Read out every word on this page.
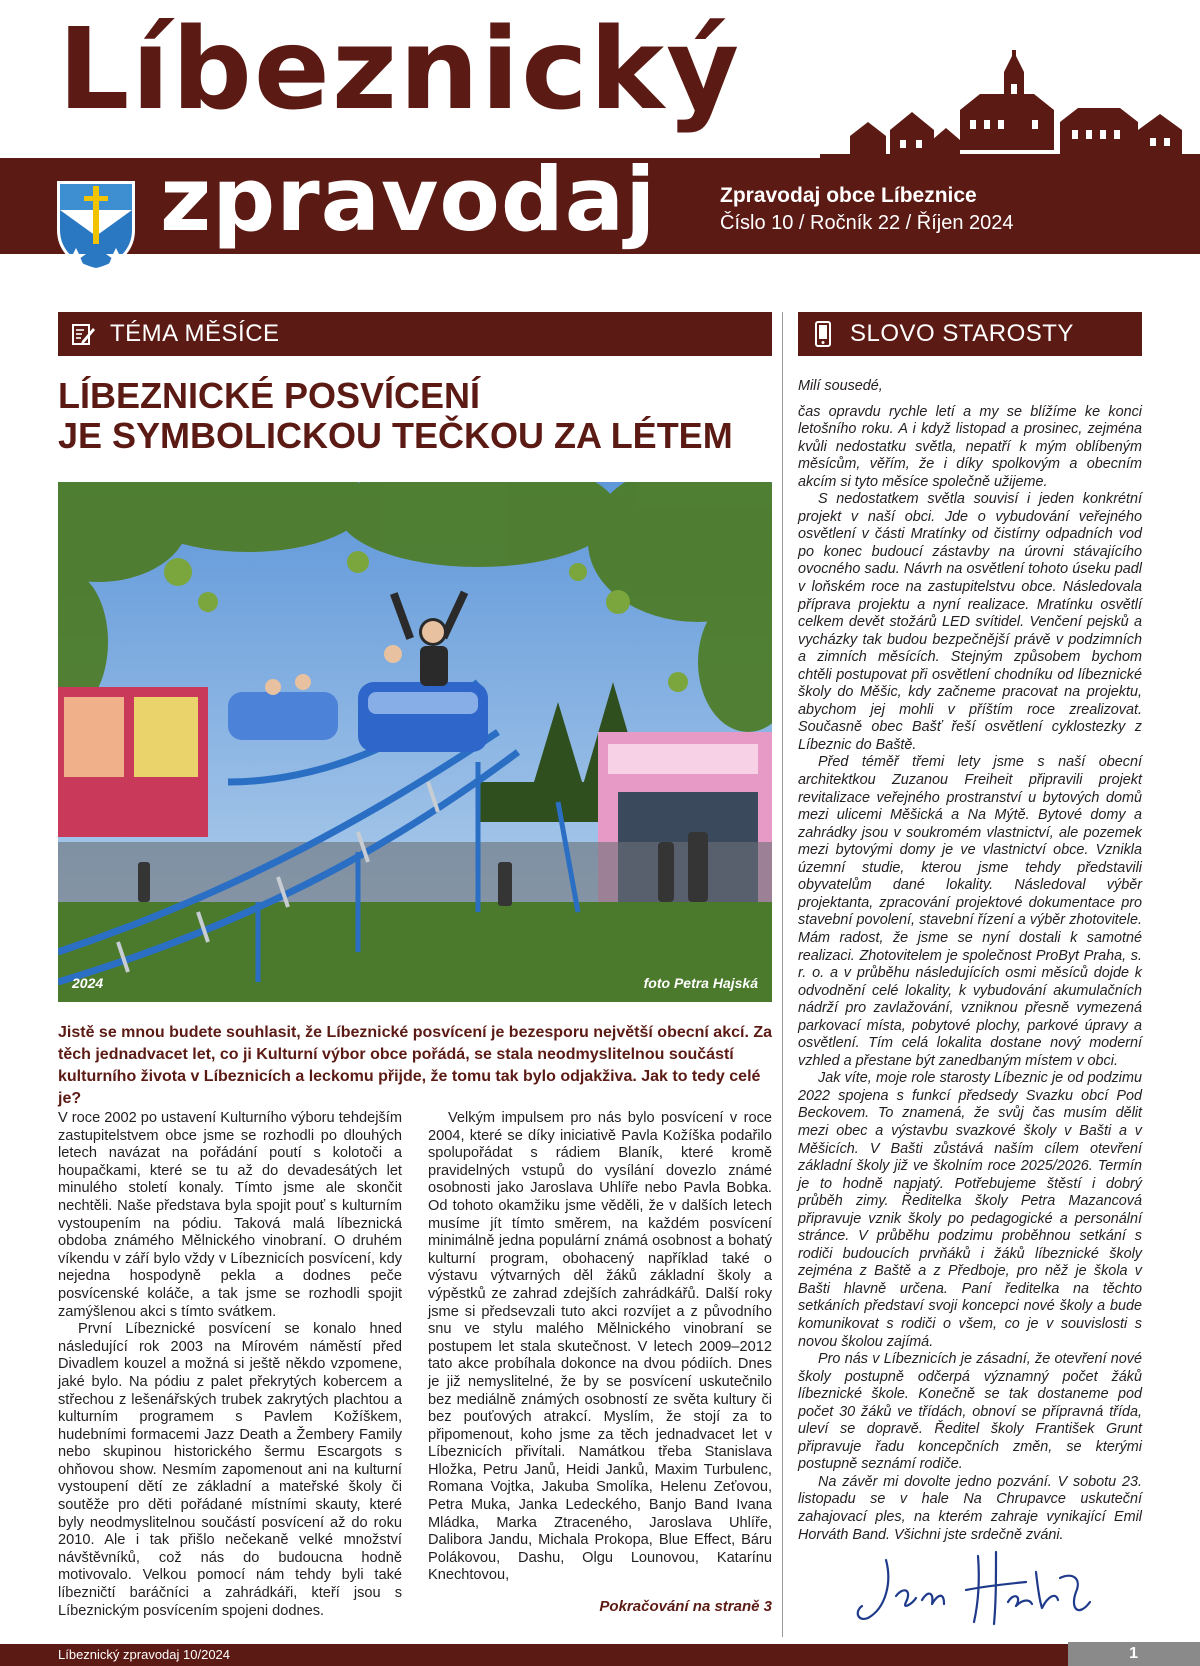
Líbeznický
zpravodaj	Zpravodaj obce Líbeznice
Číslo 10 / Ročník 22 / Říjen 2024
TÉMA MĚSÍCE	SLOVO STAROSTY
LÍBEZNICKÉ POSVÍCENÍ
JE SYMBOLICKOU TEČKOU ZA LÉTEM
2024	foto Petra Hajská
Jistě se mnou budete souhlasit, že Líbeznické posvícení je bezesporu největší obecní akcí. Za těch jednadvacet let, co ji Kulturní výbor obce pořádá, se stala neodmyslitelnou součástí kulturního života v Líbeznicích a leckomu přijde, že tomu tak bylo odjakživa. Jak to tedy celé je?

V roce 2002 po ustavení Kulturního výboru tehdejším zastupitelstvem obce jsme se rozhodli po dlouhých letech navázat na pořádání poutí s kolotoči a houpačkami, které se tu až do devadesátých let minulého století konaly. Tímto jsme ale skončit nechtěli. Naše představa byla spojit pouť s kulturním vystoupením na pódiu. Taková malá líbeznická obdoba známého Mělnického vinobraní. O druhém víkendu v září bylo vždy v Líbeznicích posvícení, kdy nejedna hospodyně pekla a dodnes peče posvícenské koláče, a tak jsme se rozhodli spojit zamýšlenou akci s tímto svátkem.

První Líbeznické posvícení se konalo hned následující rok 2003 na Mírovém náměstí před Divadlem kouzel a možná si ještě někdo vzpomene, jaké bylo. Na pódiu z palet překrytých kobercem a střechou z lešenářských trubek zakrytých plachtou a kulturním programem s Pavlem Kožíškem, hudebními formacemi Jazz Death a Žembery Family nebo skupinou historického šermu Escargots s ohňovou show. Nesmím zapomenout ani na kulturní vystoupení dětí ze základní a mateřské školy či soutěže pro děti pořádané místními skauty, které byly neodmyslitelnou součástí posvícení až do roku 2010. Ale i tak přišlo nečekaně velké množství návštěvníků, což nás do budoucna hodně motivovalo. Velkou pomocí nám tehdy byli také líbezničtí baráčníci a zahrádkáři, kteří jsou s Líbeznickým posvícením spojeni dodnes.

Velkým impulsem pro nás bylo posvícení v roce 2004, které se díky iniciativě Pavla Kožíška podařilo spolupořádat s rádiem Blaník, které kromě pravidelných vstupů do vysílání dovezlo známé osobnosti jako Jaroslava Uhlíře nebo Pavla Bobka. Od tohoto okamžiku jsme věděli, že v dalších letech musíme jít tímto směrem, na každém posvícení minimálně jedna populární známá osobnost a bohatý kulturní program, obohacený například také o výstavu výtvarných děl žáků základní školy a výpěstků ze zahrad zdejších zahrádkářů. Další roky jsme si předsevzali tuto akci rozvíjet a z původního snu ve stylu malého Mělnického vinobraní se postupem let stala skutečnost. V letech 2009–2012 tato akce probíhala dokonce na dvou pódiích. Dnes je již nemyslitelné, že by se posvícení uskutečnilo bez mediálně známých osobností ze světa kultury či bez pouťových atrakcí. Myslím, že stojí za to připomenout, koho jsme za těch jednadvacet let v Líbeznicích přivítali. Namátkou třeba Stanislava Hložka, Petru Janů, Heidi Janků, Maxim Turbulenc, Romana Vojtka, Jakuba Smolíka, Helenu Zeťovou, Petra Muka, Janka Ledeckého, Banjo Band Ivana Mládka, Marka Ztraceného, Jaroslava Uhlíře, Dalibora Jandu, Michala Prokopa, Blue Effect, Báru Polákovou, Dashu, Olgu Lounovou, Katarínu Knechtovou,

Pokračování na straně 3

Milí sousedé,

čas opravdu rychle letí a my se blížíme ke konci letošního roku. A i když listopad a prosinec, zejména kvůli nedostatku světla, nepatří k mým oblíbeným měsícům, věřím, že i díky spolkovým a obecním akcím si tyto měsíce společně užijeme.

S nedostatkem světla souvisí i jeden konkrétní projekt v naší obci. Jde o vybudování veřejného osvětlení v části Mratínky od čistírny odpadních vod po konec budoucí zástavby na úrovni stávajícího ovocného sadu. Návrh na osvětlení tohoto úseku padl v loňském roce na zastupitelstvu obce. Následovala příprava projektu a nyní realizace. Mratínku osvětlí celkem devět stožárů LED svítidel. Venčení pejsků a vycházky tak budou bezpečnější právě v podzimních a zimních měsících. Stejným způsobem bychom chtěli postupovat při osvětlení chodníku od líbeznické školy do Měšic, kdy začneme pracovat na projektu, abychom jej mohli v příštím roce zrealizovat. Současně obec Bašť řeší osvětlení cyklostezky z Líbeznic do Baště.

Před téměř třemi lety jsme s naší obecní architektkou Zuzanou Freiheit připravili projekt revitalizace veřejného prostranství u bytových domů mezi ulicemi Měšická a Na Mýtě. Bytové domy a zahrádky jsou v soukromém vlastnictví, ale pozemek mezi bytovými domy je ve vlastnictví obce. Vznikla územní studie, kterou jsme tehdy představili obyvatelům dané lokality. Následoval výběr projektanta, zpracování projektové dokumentace pro stavební povolení, stavební řízení a výběr zhotovitele. Mám radost, že jsme se nyní dostali k samotné realizaci. Zhotovitelem je společnost ProByt Praha, s. r. o. a v průběhu následujících osmi měsíců dojde k odvodnění celé lokality, k vybudování akumulačních nádrží pro zavlažování, vzniknou přesně vymezená parkovací místa, pobytové plochy, parkové úpravy a osvětlení. Tím celá lokalita dostane nový moderní vzhled a přestane být zanedbaným místem v obci.

Jak víte, moje role starosty Líbeznic je od podzimu 2022 spojena s funkcí předsedy Svazku obcí Pod Beckovem. To znamená, že svůj čas musím dělit mezi obec a výstavbu svazkové školy v Bašti a v Měšicích. V Bašti zůstává naším cílem otevření základní školy již ve školním roce 2025/2026. Termín je to hodně napjatý. Potřebujeme štěstí i dobrý průběh zimy. Ředitelka školy Petra Mazancová připravuje vznik školy po pedagogické a personální stránce. V průběhu podzimu proběhnou setkání s rodiči budoucích prvňáků i žáků líbeznické školy zejména z Baště a z Předboje, pro něž je škola v Bašti hlavně určena. Paní ředitelka na těchto setkáních představí svoji koncepci nové školy a bude komunikovat s rodiči o všem, co je v souvislosti s novou školou zajímá.

Pro nás v Líbeznicích je zásadní, že otevření nové školy postupně odčerpá významný počet žáků líbeznické škole. Konečně se tak dostaneme pod počet 30 žáků ve třídách, obnoví se přípravná třída, uleví se dopravě. Ředitel školy František Grunt připravuje řadu koncepčních změn, se kterými postupně seznámí rodiče.

Na závěr mi dovolte jedno pozvání. V sobotu 23. listopadu se v hale Na Chrupavce uskuteční zahajovací ples, na kterém zahraje vynikající Emil Horváth Band. Všichni jste srdečně zváni.

Líbeznický zpravodaj 10/2024	1
